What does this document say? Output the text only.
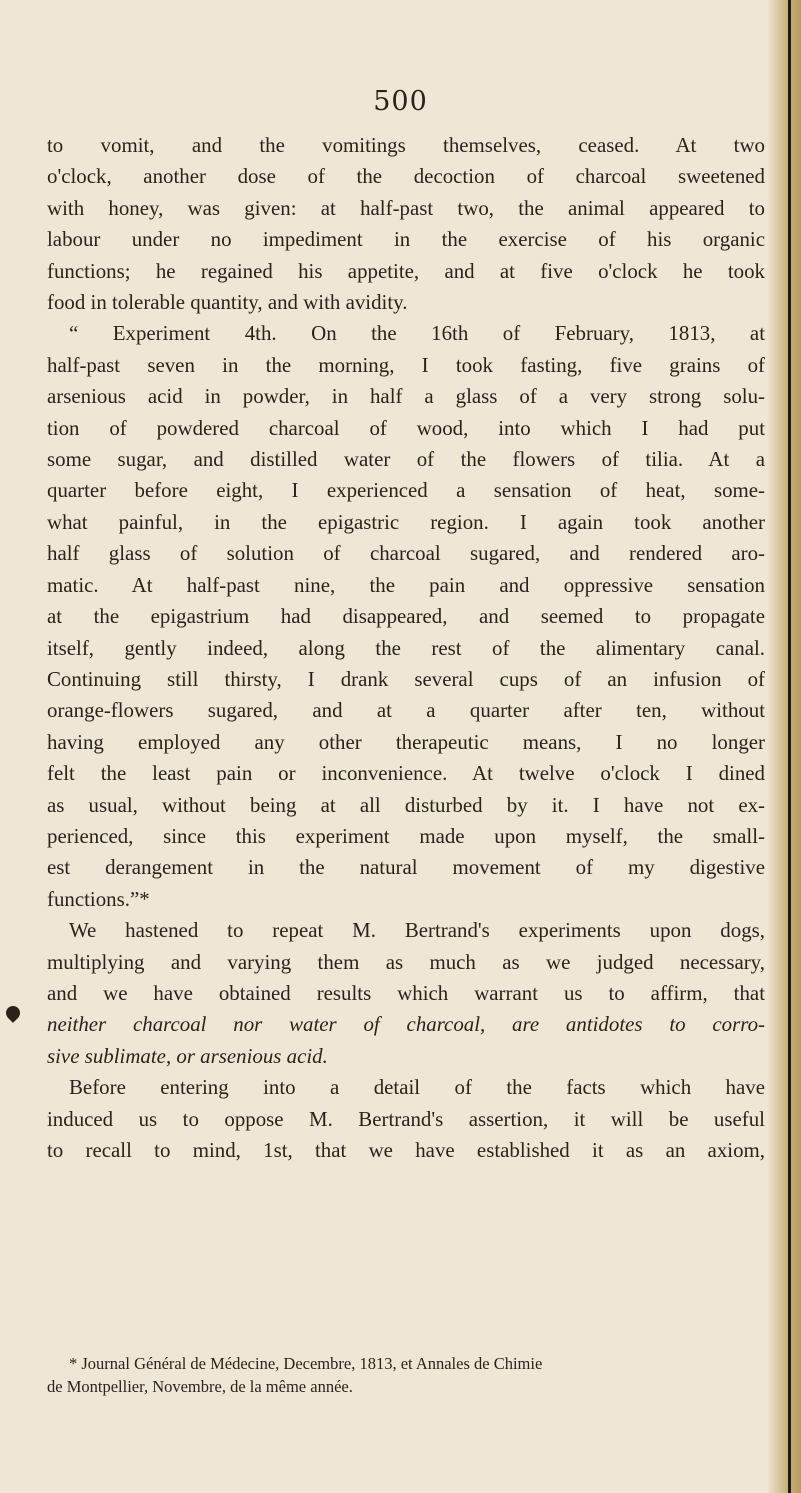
500
to vomit, and the vomitings themselves, ceased. At two
o'clock, another dose of the decoction of charcoal sweetened
with honey, was given: at half-past two, the animal appeared to
labour under no impediment in the exercise of his organic
functions; he regained his appetite, and at five o'clock he took
food in tolerable quantity, and with avidity.
“ Experiment 4th. On the 16th of February, 1813, at
half-past seven in the morning, I took fasting, five grains of
arsenious acid in powder, in half a glass of a very strong solu-
tion of powdered charcoal of wood, into which I had put
some sugar, and distilled water of the flowers of tilia. At a
quarter before eight, I experienced a sensation of heat, some-
what painful, in the epigastric region. I again took another
half glass of solution of charcoal sugared, and rendered aro-
matic. At half-past nine, the pain and oppressive sensation
at the epigastrium had disappeared, and seemed to propagate
itself, gently indeed, along the rest of the alimentary canal.
Continuing still thirsty, I drank several cups of an infusion of
orange-flowers sugared, and at a quarter after ten, without
having employed any other therapeutic means, I no longer
felt the least pain or inconvenience. At twelve o'clock I dined
as usual, without being at all disturbed by it. I have not ex-
perienced, since this experiment made upon myself, the small-
est derangement in the natural movement of my digestive
functions.”*
We hastened to repeat M. Bertrand's experiments upon dogs,
multiplying and varying them as much as we judged necessary,
and we have obtained results which warrant us to affirm, that
neither charcoal nor water of charcoal, are antidotes to corro-
sive sublimate, or arsenious acid.
Before entering into a detail of the facts which have
induced us to oppose M. Bertrand's assertion, it will be useful
to recall to mind, 1st, that we have established it as an axiom,
* Journal Général de Médecine, Decembre, 1813, et Annales de Chimie
de Montpellier, Novembre, de la même année.
